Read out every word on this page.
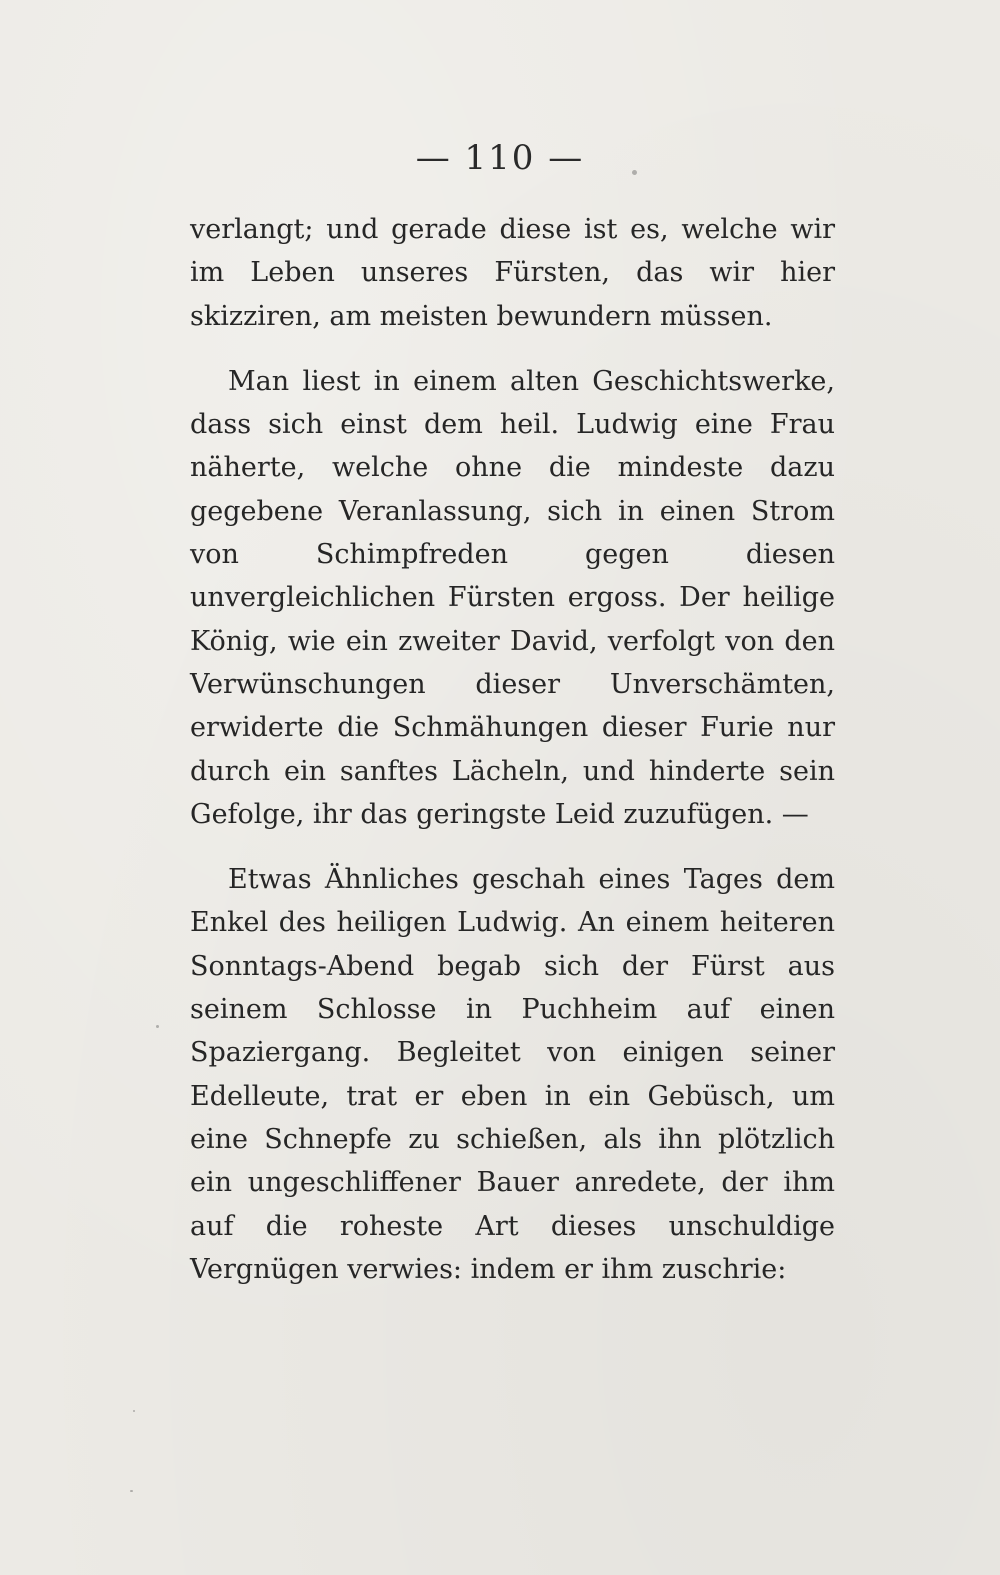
— 110 —

verlangt; und gerade diese ist es, welche wir im Leben unseres Fürsten, das wir hier skizziren, am meisten bewundern müssen.

Man liest in einem alten Geschichtswerke, dass sich einst dem heil. Ludwig eine Frau näherte, welche ohne die mindeste dazu gegebene Veranlassung, sich in einen Strom von Schimpfreden gegen diesen unvergleichlichen Fürsten ergoss. Der heilige König, wie ein zweiter David, verfolgt von den Verwünschungen dieser Unverschämten, erwiderte die Schmähungen dieser Furie nur durch ein sanftes Lächeln, und hinderte sein Gefolge, ihr das geringste Leid zuzufügen. —

Etwas Ähnliches geschah eines Tages dem Enkel des heiligen Ludwig. An einem heiteren Sonntags-Abend begab sich der Fürst aus seinem Schlosse in Puchheim auf einen Spaziergang. Begleitet von einigen seiner Edelleute, trat er eben in ein Gebüsch, um eine Schnepfe zu schießen, als ihn plötzlich ein ungeschliffener Bauer anredete, der ihm auf die roheste Art dieses unschuldige Vergnügen verwies: indem er ihm zuschrie:
